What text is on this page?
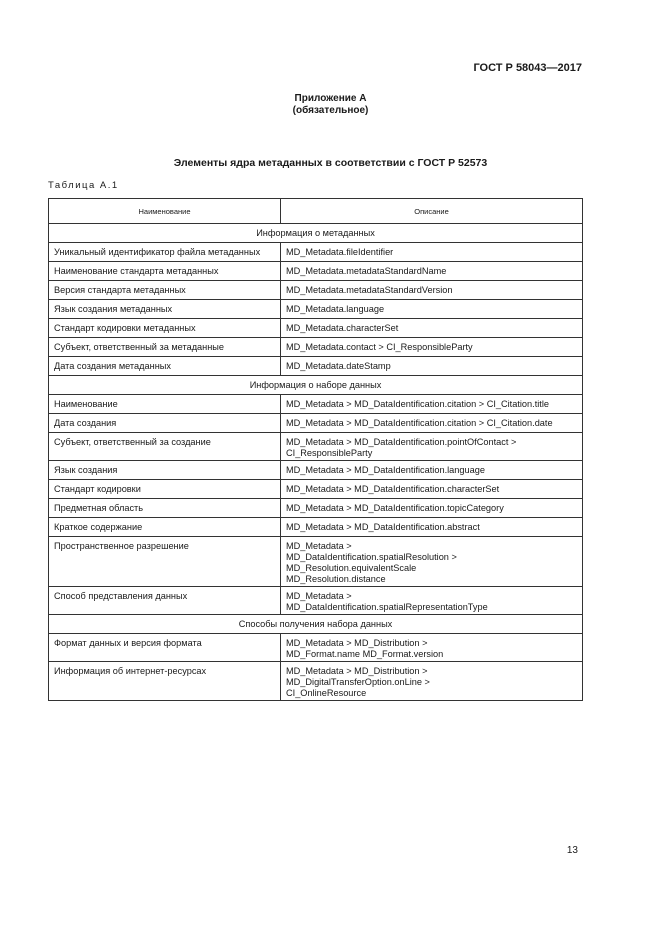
ГОСТ Р 58043—2017
Приложение А
(обязательное)
Элементы ядра метаданных в соответствии с ГОСТ Р 52573
Таблица А.1
Наименование	Описание
Информация о метаданных	
Уникальный идентификатор файла метаданных	MD_Metadata.fileIdentifier
Наименование стандарта метаданных	MD_Metadata.metadataStandardName
Версия стандарта метаданных	MD_Metadata.metadataStandardVersion
Язык создания метаданных	MD_Metadata.language
Стандарт кодировки метаданных	MD_Metadata.characterSet
Субъект, ответственный за метаданные	MD_Metadata.contact > CI_ResponsibleParty
Дата создания метаданных	MD_Metadata.dateStamp
Информация о наборе данных	
Наименование	MD_Metadata > MD_DataIdentification.citation > CI_Citation.title
Дата создания	MD_Metadata > MD_DataIdentification.citation > CI_Citation.date
Субъект, ответственный за создание	MD_Metadata > MD_DataIdentification.pointOfContact >
CI_ResponsibleParty
Язык создания	MD_Metadata > MD_DataIdentification.language
Стандарт кодировки	MD_Metadata > MD_DataIdentification.characterSet
Предметная область	MD_Metadata > MD_DataIdentification.topicCategory
Краткое содержание	MD_Metadata > MD_DataIdentification.abstract
Пространственное разрешение	MD_Metadata >
MD_DataIdentification.spatialResolution >
MD_Resolution.equivalentScale
MD_Resolution.distance
Способ представления данных	MD_Metadata >
MD_DataIdentification.spatialRepresentationType
Способы получения набора данных	
Формат данных и версия формата	MD_Metadata > MD_Distribution >
MD_Format.name MD_Format.version
Информация об интернет-ресурсах	MD_Metadata > MD_Distribution >
MD_DigitalTransferOption.onLine >
CI_OnlineResource
13
